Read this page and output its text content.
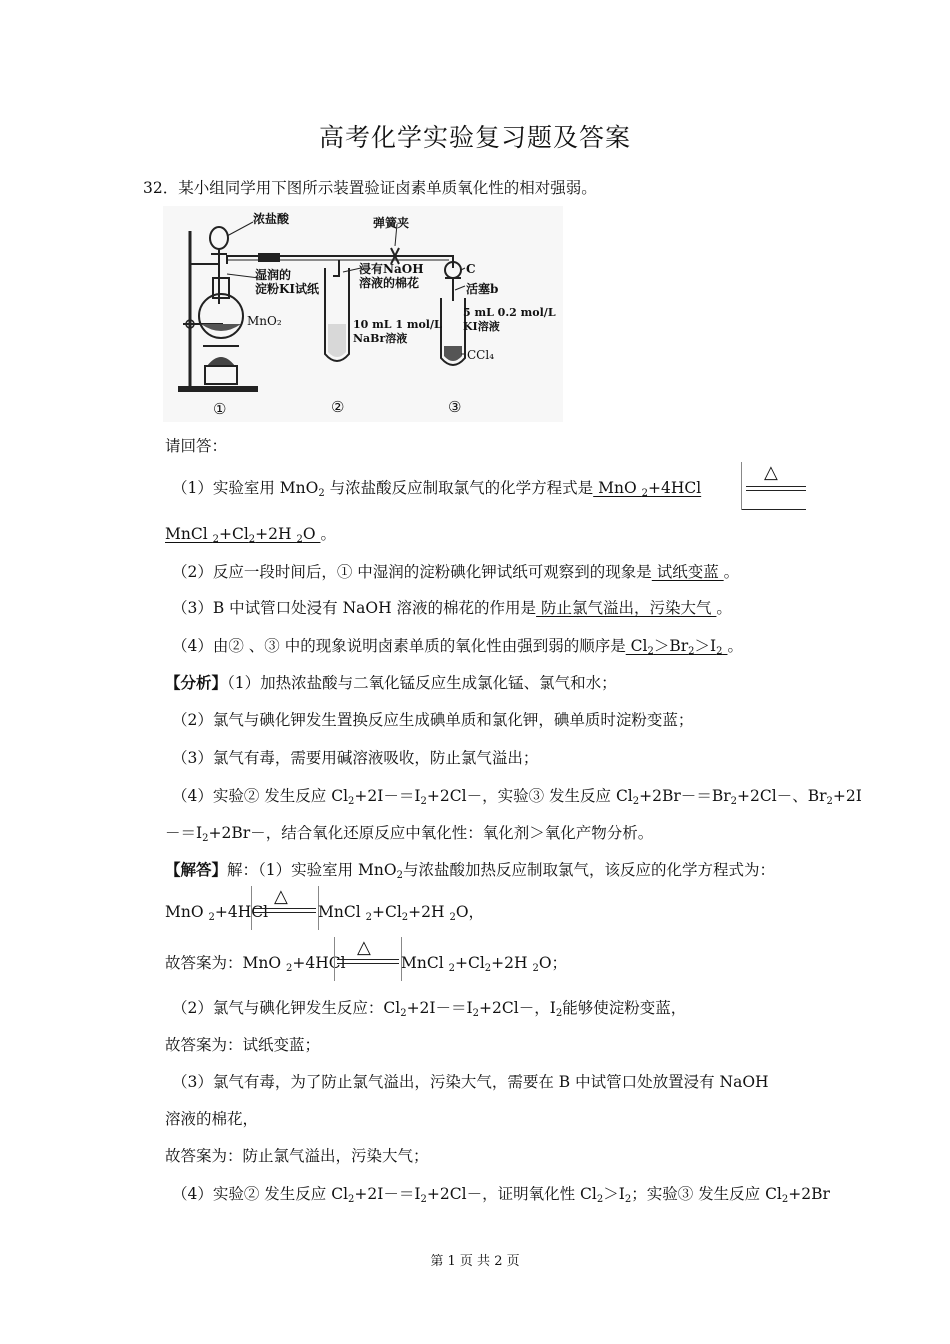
高考化学实验复习题及答案
32．某小组同学用下图所示装置验证卤素单质氧化性的相对强弱。
浓盐酸	弹簧夹
湿润的
淀粉KI试纸
MnO₂
浸有NaOH
溶液的棉花
C
活塞b
10 mL 1 mol/L
NaBr溶液
5 mL 0.2 mol/L
KI溶液
CCl₄
①	②	③
请回答：
（1）实验室用 MnO$_2$ 与浓盐酸反应制取氯气的化学方程式是 MnO $_2$+4HCl
△
MnCl $_2+Cl_2+2H$ $_2$O 。
（2）反应一段时间后，① 中湿润的淀粉碘化钾试纸可观察到的现象是 试纸变蓝 。
（3）B 中试管口处浸有 NaOH 溶液的棉花的作用是 防止氯气溢出，污染大气 。
（4）由② 、③ 中的现象说明卤素单质的氧化性由强到弱的顺序是 $Cl_2>Br_2>I_2$ 。
【分析】（1）加热浓盐酸与二氧化锰反应生成氯化锰、氯气和水；
（2）氯气与碘化钾发生置换反应生成碘单质和氯化钾，碘单质时淀粉变蓝；
（3）氯气有毒，需要用碱溶液吸收，防止氯气溢出；
（4）实验② 发生反应 $Cl_2+2I-=I_2+2Cl-$，实验③ 发生反应 $Cl_2+2Br-=Br_2+2Cl-$、$Br_2+2I$
$-=I_2+2Br-$，结合氧化还原反应中氧化性：氧化剂＞氧化产物分析。
【解答】解：（1）实验室用 MnO$_2$与浓盐酸加热反应制取氯气，该反应的化学方程式为：
MnO $_2$+4HCl
△
MnCl $_2+Cl_2+2H$ $_2$O，
故答案为：MnO $_2$+4HCl
△
MnCl $_2+Cl_2+2H$ $_2$O；
（2）氯气与碘化钾发生反应：$Cl_2+2I-=I_2+2Cl-$，$I_2$能够使淀粉变蓝，
故答案为：试纸变蓝；
（3）氯气有毒，为了防止氯气溢出，污染大气，需要在 B 中试管口处放置浸有 NaOH
溶液的棉花，
故答案为：防止氯气溢出，污染大气；
（4）实验② 发生反应 $Cl_2+2I-=I_2+2Cl-$，证明氧化性 $Cl_2>I_2$；实验③ 发生反应 $Cl_2+2Br$
第 1 页 共 2 页
